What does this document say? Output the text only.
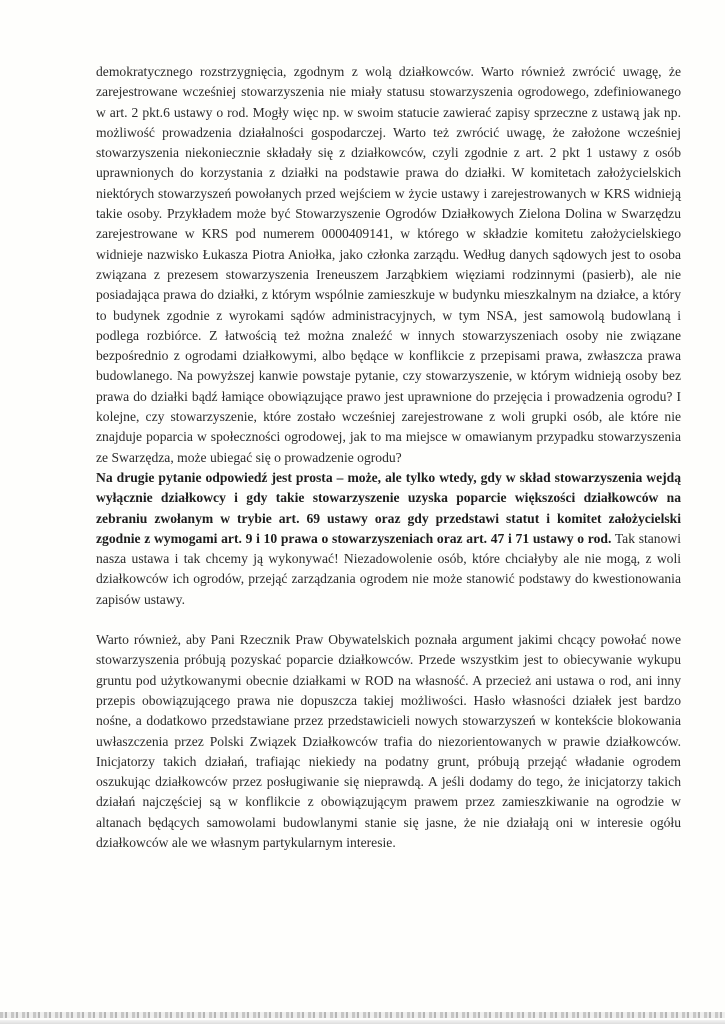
demokratycznego rozstrzygnięcia, zgodnym z wolą działkowców. Warto również zwrócić uwagę, że zarejestrowane wcześniej stowarzyszenia nie miały statusu stowarzyszenia ogrodowego, zdefiniowanego w art. 2 pkt.6 ustawy o rod. Mogły więc np. w swoim statucie zawierać zapisy sprzeczne z ustawą jak np. możliwość prowadzenia działalności gospodarczej. Warto też zwrócić uwagę, że założone wcześniej stowarzyszenia niekoniecznie składały się z działkowców, czyli zgodnie z art. 2 pkt 1 ustawy z osób uprawnionych do korzystania z działki na podstawie prawa do działki. W komitetach założycielskich niektórych stowarzyszeń powołanych przed wejściem w życie ustawy i zarejestrowanych w KRS widnieją takie osoby. Przykładem może być Stowarzyszenie Ogrodów Działkowych Zielona Dolina w Swarzędzu zarejestrowane w KRS pod numerem 0000409141, w którego w składzie komitetu założycielskiego widnieje nazwisko Łukasza Piotra Aniołka, jako członka zarządu. Według danych sądowych jest to osoba związana z prezesem stowarzyszenia Ireneuszem Jarząbkiem więziami rodzinnymi (pasierb), ale nie posiadająca prawa do działki, z którym wspólnie zamieszkuje w budynku mieszkalnym na działce, a który to budynek zgodnie z wyrokami sądów administracyjnych, w tym NSA, jest samowolą budowlaną i podlega rozbiórce. Z łatwością też można znaleźć w innych stowarzyszeniach osoby nie związane bezpośrednio z ogrodami działkowymi, albo będące w konflikcie z przepisami prawa, zwłaszcza prawa budowlanego. Na powyższej kanwie powstaje pytanie, czy stowarzyszenie, w którym widnieją osoby bez prawa do działki bądź łamiące obowiązujące prawo jest uprawnione do przejęcia i prowadzenia ogrodu? I kolejne, czy stowarzyszenie, które zostało wcześniej zarejestrowane z woli grupki osób, ale które nie znajduje poparcia w społeczności ogrodowej, jak to ma miejsce w omawianym przypadku stowarzyszenia ze Swarzędza, może ubiegać się o prowadzenie ogrodu?

Na drugie pytanie odpowiedź jest prosta – może, ale tylko wtedy, gdy w skład stowarzyszenia wejdą wyłącznie działkowcy i gdy takie stowarzyszenie uzyska poparcie większości działkowców na zebraniu zwołanym w trybie art. 69 ustawy oraz gdy przedstawi statut i komitet założycielski zgodnie z wymogami art. 9 i 10 prawa o stowarzyszeniach oraz art. 47 i 71 ustawy o rod. Tak stanowi nasza ustawa i tak chcemy ją wykonywać! Niezadowolenie osób, które chciałyby ale nie mogą, z woli działkowców ich ogrodów, przejąć zarządzania ogrodem nie może stanowić podstawy do kwestionowania zapisów ustawy.

Warto również, aby Pani Rzecznik Praw Obywatelskich poznała argument jakimi chcący powołać nowe stowarzyszenia próbują pozyskać poparcie działkowców. Przede wszystkim jest to obiecywanie wykupu gruntu pod użytkowanymi obecnie działkami w ROD na własność. A przecież ani ustawa o rod, ani inny przepis obowiązującego prawa nie dopuszcza takiej możliwości. Hasło własności działek jest bardzo nośne, a dodatkowo przedstawiane przez przedstawicieli nowych stowarzyszeń w kontekście blokowania uwłaszczenia przez Polski Związek Działkowców trafia do niezorientowanych w prawie działkowców. Inicjatorzy takich działań, trafiając niekiedy na podatny grunt, próbują przejąć władanie ogrodem oszukując działkowców przez posługiwanie się nieprawdą. A jeśli dodamy do tego, że inicjatorzy takich działań najczęściej są w konflikcie z obowiązującym prawem przez zamieszkiwanie na ogrodzie w altanach będących samowolami budowlanymi stanie się jasne, że nie działają oni w interesie ogółu działkowców ale we własnym partykularnym interesie.
